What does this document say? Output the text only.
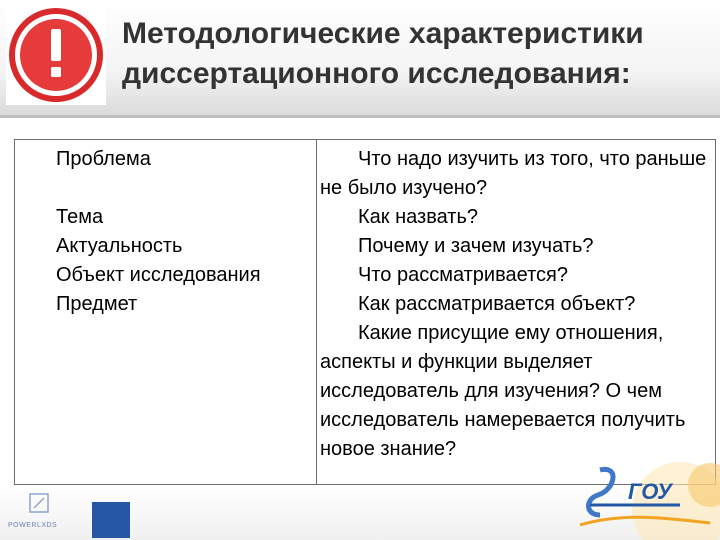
Методологические характеристики

диссертационного исследования:

Проблема
Тема
Актуальность
Объект исследования
Предмет
Что надо изучить из того, что раньше не было изучено?
Как назвать?
Почему и зачем изучать?
Что рассматривается?
Как рассматривается объект?
Какие присущие ему отношения, аспекты и функции выделяет исследователь для изучения? О чем исследователь намеревается получить новое знание?
POWERLXDS
ГОУ
